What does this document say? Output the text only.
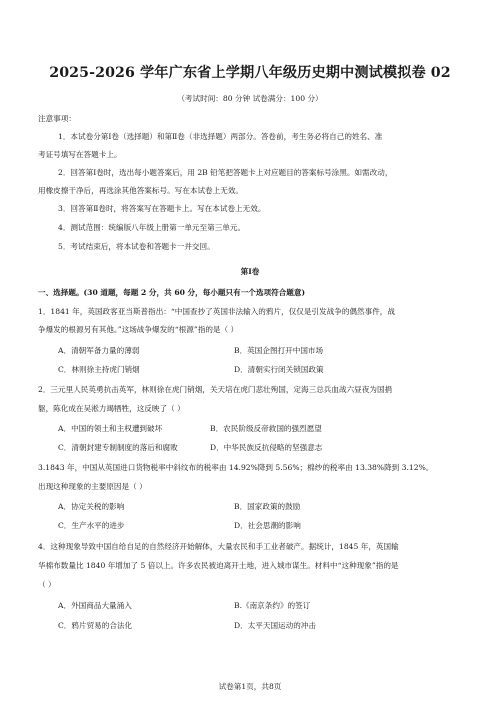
2025-2026 学年广东省上学期八年级历史期中测试模拟卷 02
（考试时间：80 分钟 试卷满分：100 分）
注意事项：
1．本试卷分第Ⅰ卷（选择题）和第Ⅱ卷（非选择题）两部分。答卷前，考生务必将自己的姓名、准
考证号填写在答题卡上。
2．回答第Ⅰ卷时，选出每小题答案后，用 2B 铅笔把答题卡上对应题目的答案标号涂黑。如需改动，
用橡皮擦干净后，再选涂其他答案标号。写在本试卷上无效。
3．回答第Ⅱ卷时，将答案写在答题卡上。写在本试卷上无效。
4．测试范围：统编版八年级上册第一单元至第三单元。
5．考试结束后，将本试卷和答题卡一并交回。
第Ⅰ卷
一、选择题。(30 道题，每题 2 分，共 60 分，每小题只有一个选项符合题意)
1．1841 年，英国政客亚当斯普指出：“中国查抄了英国非法输入的鸦片，仅仅是引发战争的偶然事件，战
争爆发的根源另有其他。”这场战争爆发的“根源”指的是（ ）
A．清朝军备力量的薄弱	B．英国企图打开中国市场
C．林则徐主持虎门销烟	D．清朝实行闭关锁国政策
2．三元里人民英勇抗击英军，林则徐在虎门销烟，关天培在虎门悲壮殉国，定海三总兵血战六昼夜为国捐
躯，陈化成在吴淞力竭牺牲，这反映了（ ）
A．中国的领土和主权遭到破坏	B．农民阶级反帝救国的强烈愿望
C．清朝封建专制制度的落后和腐败	D．中华民族反抗侵略的坚强意志
3.1843 年，中国从英国进口货物税率中斜纹布的税率由 14.92%降到 5.56%；棉纱的税率由 13.38%降到 3.12%。
出现这种现象的主要原因是（ ）
A．协定关税的影响	B．国家政策的鼓励
C．生产水平的进步	D．社会思潮的影响
4．这种现象导致中国自给自足的自然经济开始解体，大量农民和手工业者破产。据统计，1845 年，英国输
华棉布数量比 1840 年增加了 5 倍以上。许多农民被迫离开土地，进入城市谋生。材料中“这种现象”指的是
（ ）
A．外国商品大量涌入	B.《南京条约》的签订
C．鸦片贸易的合法化	D．太平天国运动的冲击
试卷第1页，共8页
